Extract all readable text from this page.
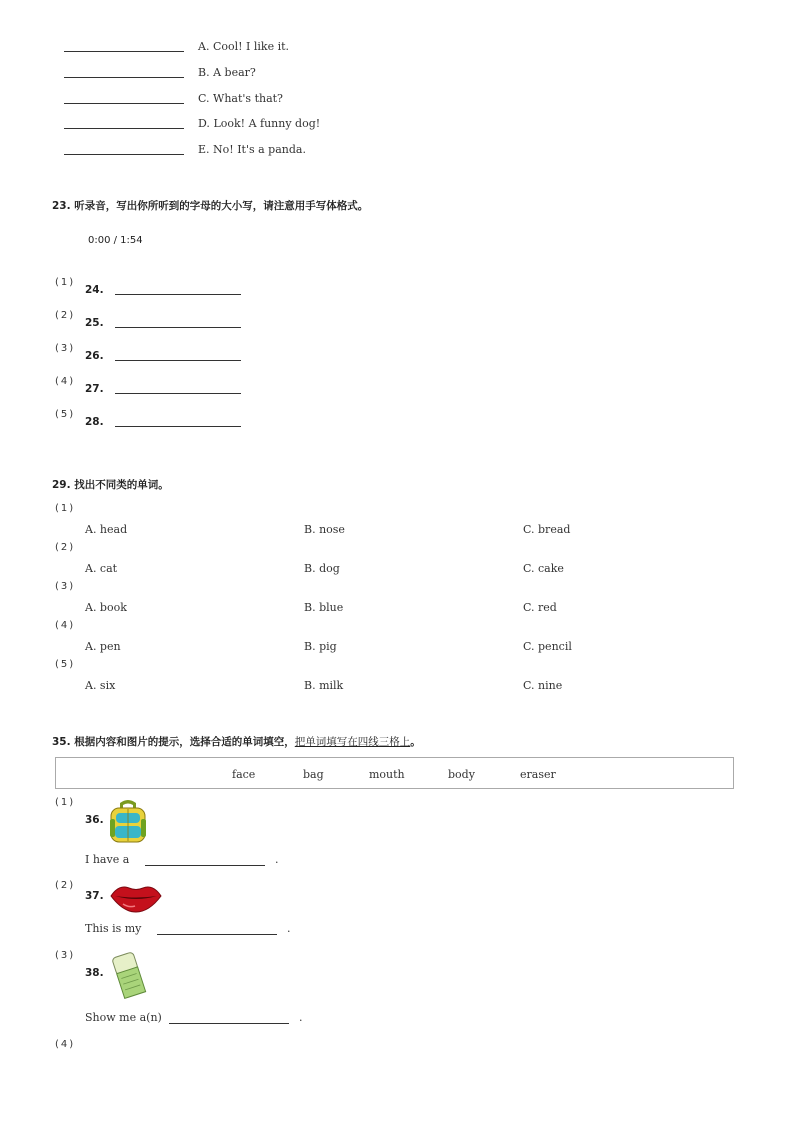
A. Cool! I like it.
B. A bear?
C. What's that?
D. Look! A funny dog!
E. No! It's a panda.
23. 听录音，写出你所听到的字母的大小写，请注意用手写体格式。
0:00 / 1:54
(1)
24.
(2)
25.
(3)
26.
(4)
27.
(5)
28.
29. 找出不同类的单词。
(1)
A. head	B. nose	C. bread
(2)
A. cat	B. dog	C. cake
(3)
A. book	B. blue	C. red
(4)
A. pen	B. pig	C. pencil
(5)
A. six	B. milk	C. nine
35. 根据内容和图片的提示，选择合适的单词填空，把单词填写在四线三格上。
face	bag	mouth	body	eraser
(1)
36.
I have a	.
(2)
37.
This is my	.
(3)
38.
Show me a(n)	.
(4)
